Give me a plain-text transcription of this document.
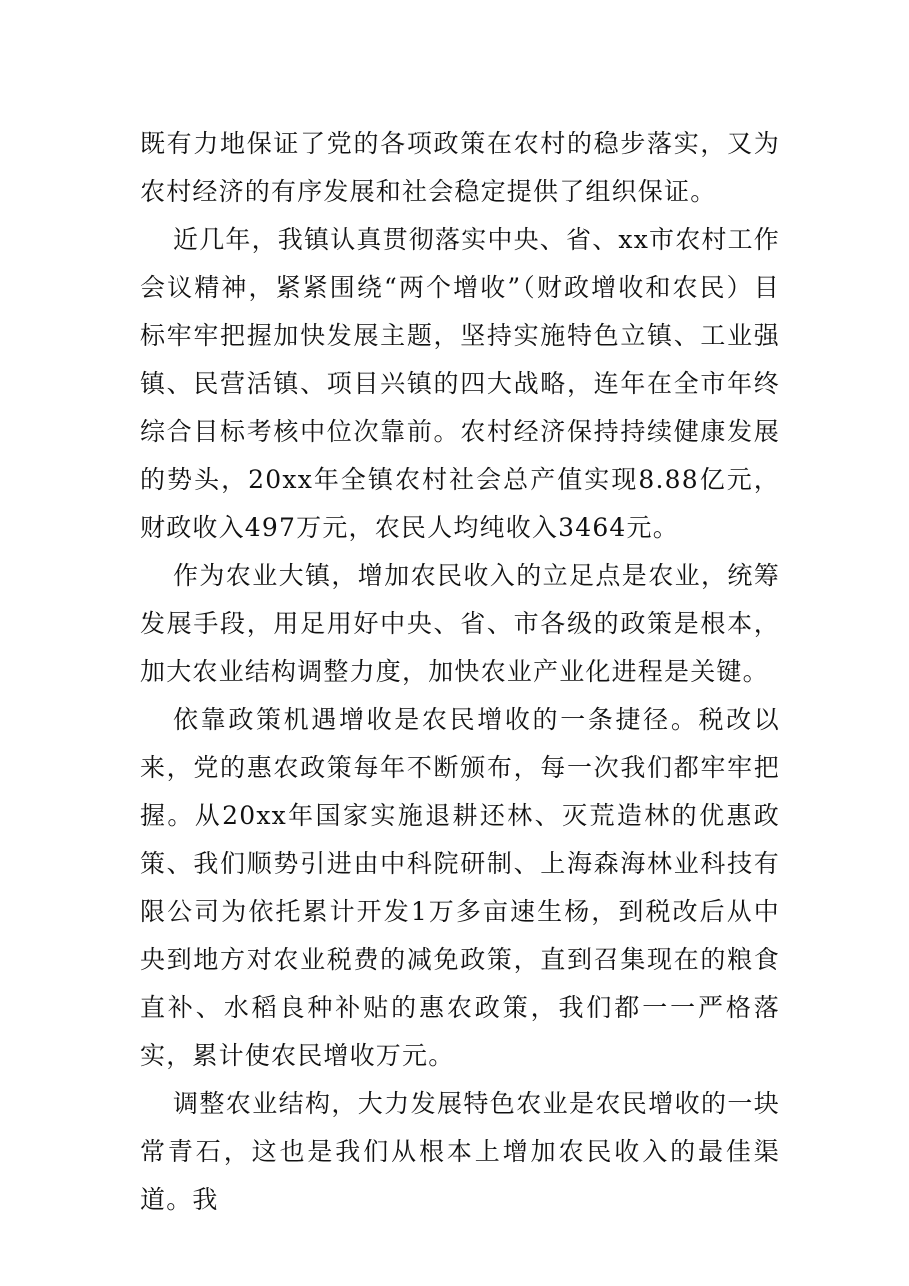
既有力地保证了党的各项政策在农村的稳步落实，又为农村经济的有序发展和社会稳定提供了组织保证。

近几年，我镇认真贯彻落实中央、省、xx市农村工作会议精神，紧紧围绕“两个增收”（财政增收和农民）目标牢牢把握加快发展主题，坚持实施特色立镇、工业强镇、民营活镇、项目兴镇的四大战略，连年在全市年终综合目标考核中位次靠前。农村经济保持持续健康发展的势头，20xx年全镇农村社会总产值实现8.88亿元，财政收入497万元，农民人均纯收入3464元。

作为农业大镇，增加农民收入的立足点是农业，统筹发展手段，用足用好中央、省、市各级的政策是根本，加大农业结构调整力度，加快农业产业化进程是关键。

依靠政策机遇增收是农民增收的一条捷径。税改以来，党的惠农政策每年不断颁布，每一次我们都牢牢把握。从20xx年国家实施退耕还林、灭荒造林的优惠政策、我们顺势引进由中科院研制、上海森海林业科技有限公司为依托累计开发1万多亩速生杨，到税改后从中央到地方对农业税费的减免政策，直到召集现在的粮食直补、水稻良种补贴的惠农政策，我们都一一严格落实，累计使农民增收万元。

调整农业结构，大力发展特色农业是农民增收的一块常青石，这也是我们从根本上增加农民收入的最佳渠道。我
